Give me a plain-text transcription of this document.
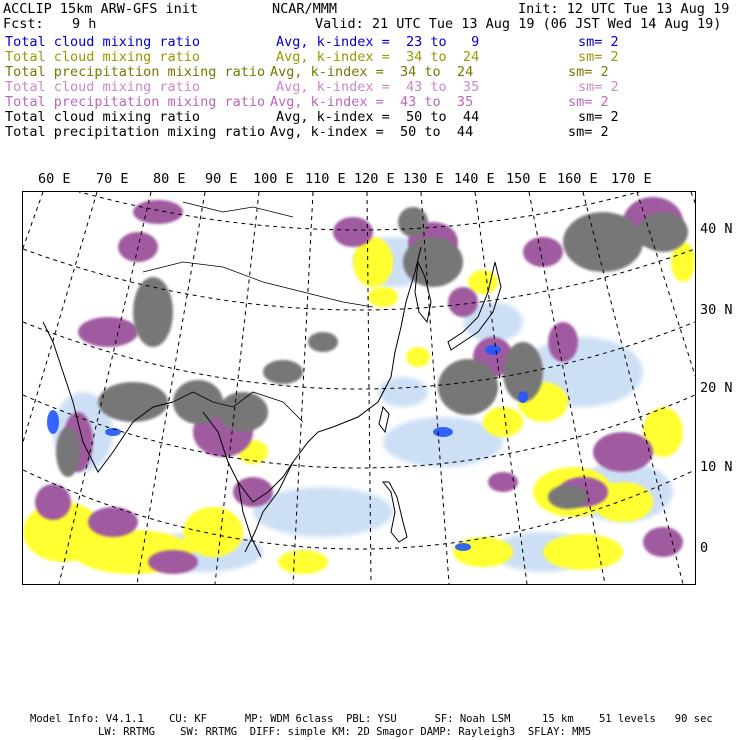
ACCLIP 15km ARW-GFS init	NCAR/MMM	Init: 12 UTC Tue 13 Aug 19
Fcst: 9 h	Valid: 21 UTC Tue 13 Aug 19 (06 JST Wed 14 Aug 19)
Total cloud mixing ratio	Avg, k-index =  23 to   9	sm= 2
Total cloud mixing ratio	Avg, k-index =  34 to  24	sm= 2
Total precipitation mixing ratio Avg, k-index =  34 to  24	sm= 2
Total cloud mixing ratio	Avg, k-index =  43 to  35	sm= 2
Total precipitation mixing ratio Avg, k-index =  43 to  35	sm= 2
Total cloud mixing ratio	Avg, k-index =  50 to  44	sm= 2
Total precipitation mixing ratio Avg, k-index =  50 to  44	sm= 2
60 E 70 E 80 E 90 E 100 E 110 E 120 E 130 E 140 E 150 E 160 E 170 E
40 N
30 N
20 N
10 N
0
Model Info: V4.1.1    CU: KF      MP: WDM 6class  PBL: YSU      SF: Noah LSM     15 km    51 levels   90 sec
LW: RRTMG    SW: RRTMG  DIFF: simple KM: 2D Smagor DAMP: Rayleigh3  SFLAY: MM5
